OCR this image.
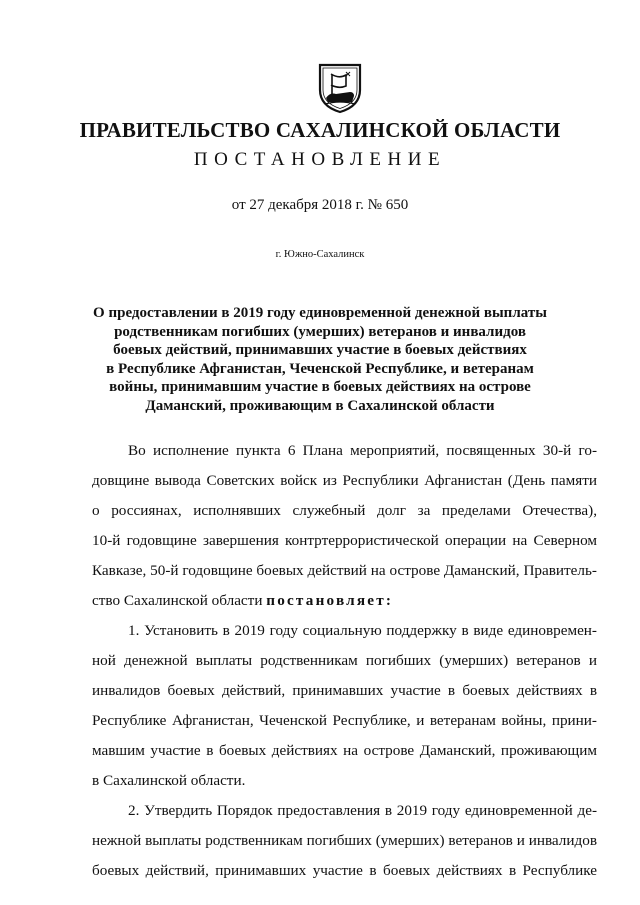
ПРАВИТЕЛЬСТВО САХАЛИНСКОЙ ОБЛАСТИ
ПОСТАНОВЛЕНИЕ
от 27 декабря 2018 г. № 650
г. Южно-Сахалинск
О предоставлении в 2019 году единовременной денежной выплаты
родственникам погибших (умерших) ветеранов и инвалидов
боевых действий, принимавших участие в боевых действиях
в Республике Афганистан, Чеченской Республике, и ветеранам
войны, принимавшим участие в боевых действиях на острове
Даманский, проживающим в Сахалинской области
Во исполнение пункта 6 Плана мероприятий, посвященных 30-й го-
довщине вывода Советских войск из Республики Афганистан (День памяти
о россиянах, исполнявших служебный долг за пределами Отечества),
10-й годовщине завершения контртеррористической операции на Северном
Кавказе, 50-й годовщине боевых действий на острове Даманский, Правитель-
ство Сахалинской области постановляет:
1. Установить в 2019 году социальную поддержку в виде единовремен-
ной денежной выплаты родственникам погибших (умерших) ветеранов и
инвалидов боевых действий, принимавших участие в боевых действиях в
Республике Афганистан, Чеченской Республике, и ветеранам войны, прини-
мавшим участие в боевых действиях на острове Даманский, проживающим
в Сахалинской области.
2. Утвердить Порядок предоставления в 2019 году единовременной де-
нежной выплаты родственникам погибших (умерших) ветеранов и инвалидов
боевых действий, принимавших участие в боевых действиях в Республике
